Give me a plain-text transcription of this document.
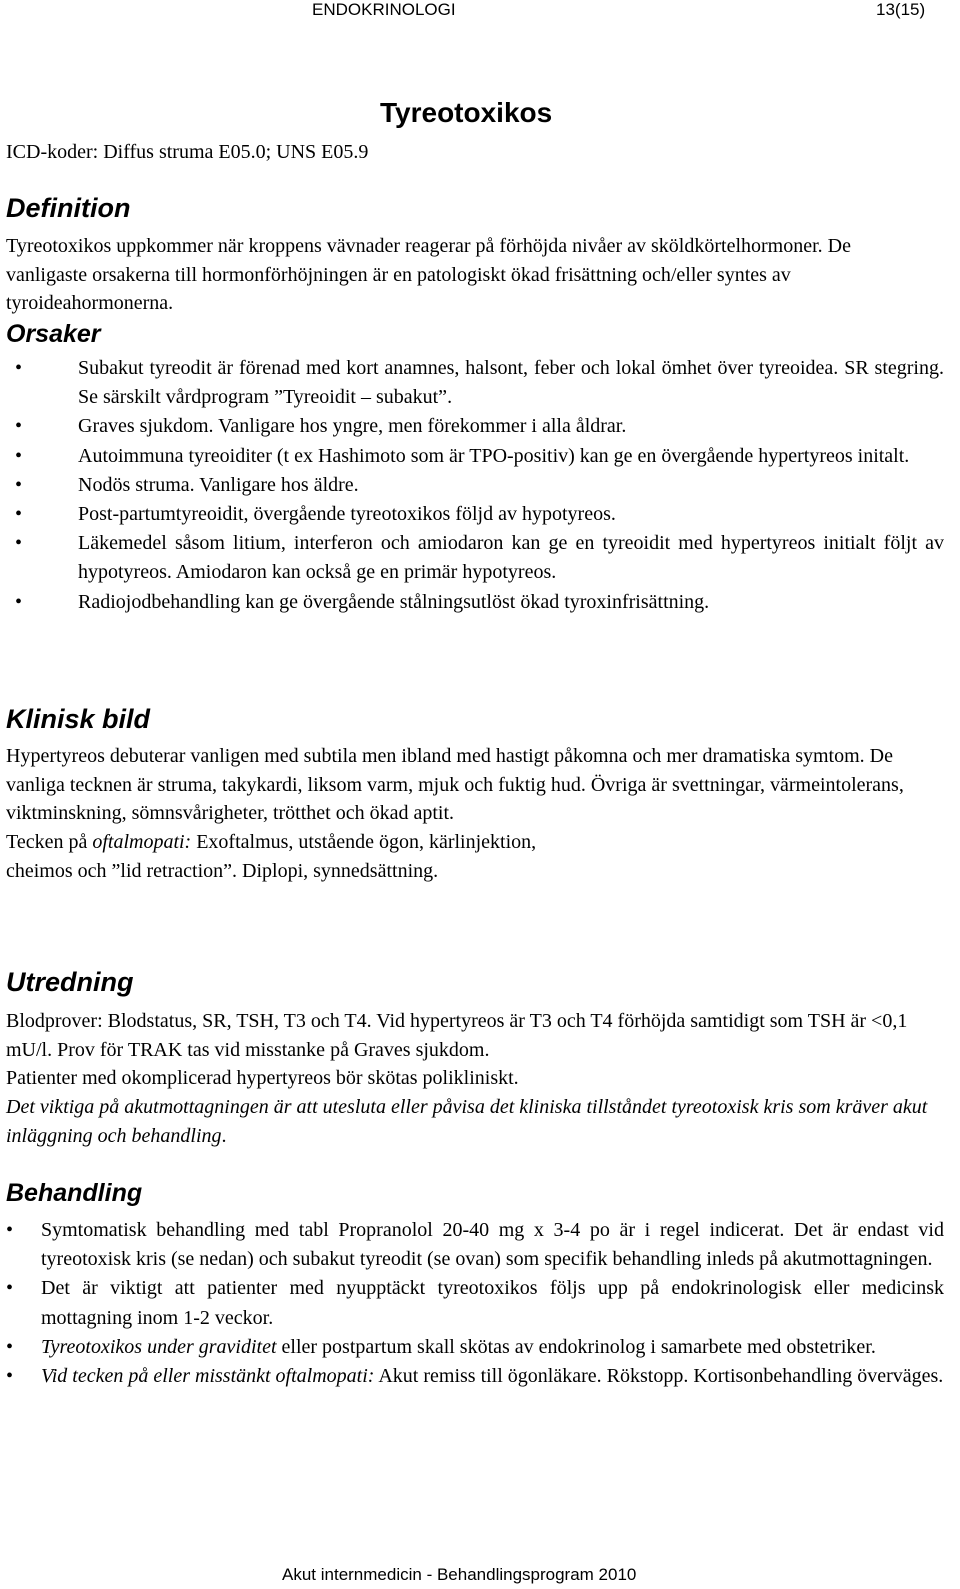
ENDOKRINOLOGI	13(15)
Tyreotoxikos
ICD-koder: Diffus struma E05.0; UNS E05.9
Definition

Tyreotoxikos uppkommer när kroppens vävnader reagerar på förhöjda nivåer av sköldkörtelhormoner. De vanligaste orsakerna till hormonförhöjningen är en patologiskt ökad frisättning och/eller syntes av tyroideahormonerna.

Orsaker
• Subakut tyreodit är förenad med kort anamnes, halsont, feber och lokal ömhet över tyreoidea. SR stegring. Se särskilt vårdprogram ”Tyreoidit – subakut”.
• Graves sjukdom. Vanligare hos yngre, men förekommer i alla åldrar.
• Autoimmuna tyreoiditer (t ex Hashimoto som är TPO-positiv) kan ge en övergående hypertyreos initalt.
• Nodös struma. Vanligare hos äldre.
• Post-partumtyreoidit, övergående tyreotoxikos följd av hypotyreos.
• Läkemedel såsom litium, interferon och amiodaron kan ge en tyreoidit med hypertyreos initialt följt av hypotyreos. Amiodaron kan också ge en primär hypotyreos.
• Radiojodbehandling kan ge övergående stålningsutlöst ökad tyroxinfrisättning.
Klinisk bild

Hypertyreos debuterar vanligen med subtila men ibland med hastigt påkomna och mer dramatiska symtom. De vanliga tecknen är struma, takykardi, liksom varm, mjuk och fuktig hud. Övriga är svettningar, värmeintolerans, viktminskning, sömnsvårigheter, trötthet och ökad aptit.

Tecken på oftalmopati: Exoftalmus, utstående ögon, kärlinjektion,

cheimos och ”lid retraction”. Diplopi, synnedsättning.

Utredning

Blodprover: Blodstatus, SR, TSH, T3 och T4. Vid hypertyreos är T3 och T4 förhöjda samtidigt som TSH är <0,1 mU/l. Prov för TRAK tas vid misstanke på Graves sjukdom.

Patienter med okomplicerad hypertyreos bör skötas polikliniskt.

Det viktiga på akutmottagningen är att utesluta eller påvisa det kliniska tillståndet tyreotoxisk kris som kräver akut inläggning och behandling.

Behandling
• Symtomatisk behandling med tabl Propranolol 20-40 mg x 3-4 po är i regel indicerat. Det är endast vid tyreotoxisk kris (se nedan) och subakut tyreodit (se ovan) som specifik behandling inleds på akutmottagningen.
• Det är viktigt att patienter med nyupptäckt tyreotoxikos följs upp på endokrinologisk eller medicinsk mottagning inom 1-2 veckor.
• Tyreotoxikos under graviditet eller postpartum skall skötas av endokrinolog i samarbete med obstetriker.
• Vid tecken på eller misstänkt oftalmopati: Akut remiss till ögonläkare. Rökstopp. Kortisonbehandling överväges.
Akut internmedicin - Behandlingsprogram 2010
